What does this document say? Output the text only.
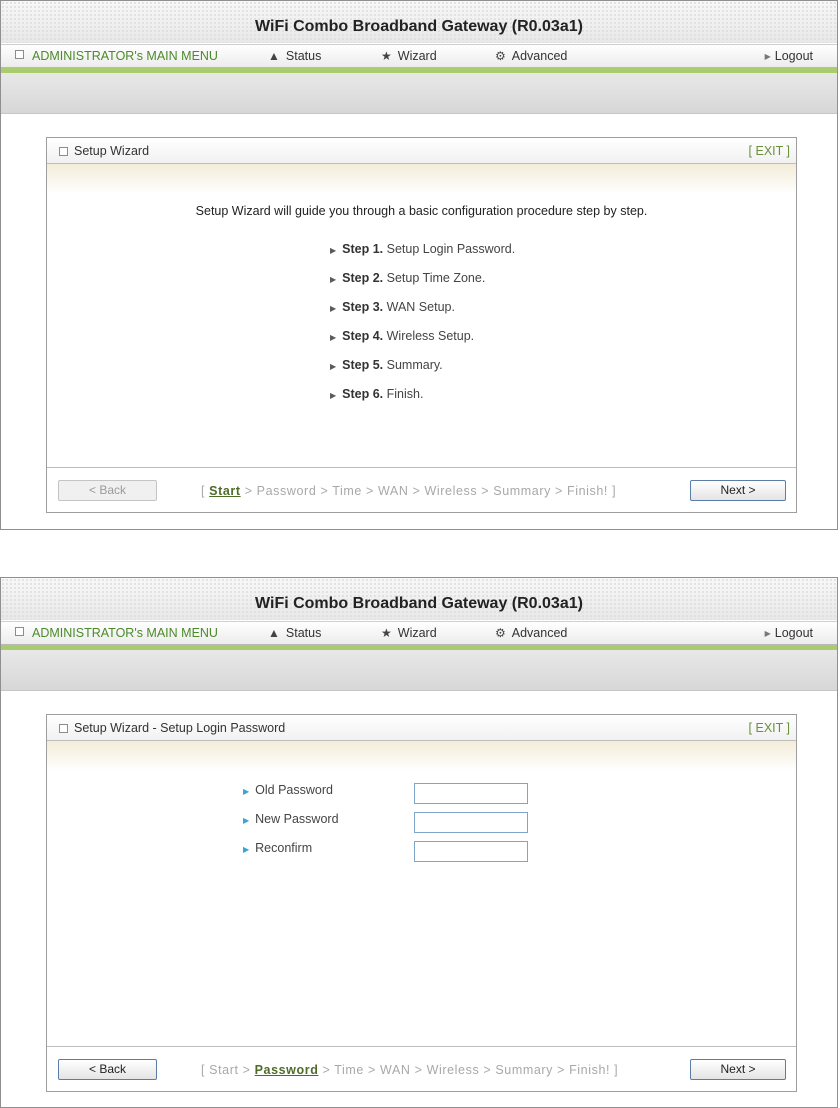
WiFi Combo Broadband Gateway (R0.03a1)
ADMINISTRATOR's MAIN MENU	▲ Status	★ Wizard	⚙ Advanced	▶ Logout
Setup Wizard	[ EXIT ]
Setup Wizard will guide you through a basic configuration procedure step by step.
▶ Step 1. Setup Login Password.
▶ Step 2. Setup Time Zone.
▶ Step 3. WAN Setup.
▶ Step 4. Wireless Setup.
▶ Step 5. Summary.
▶ Step 6. Finish.
< Back	[ Start > Password > Time > WAN > Wireless > Summary > Finish! ]	Next >
WiFi Combo Broadband Gateway (R0.03a1)
ADMINISTRATOR's MAIN MENU	▲ Status	★ Wizard	⚙ Advanced	▶ Logout
Setup Wizard - Setup Login Password	[ EXIT ]
▶ Old Password
▶ New Password
▶ Reconfirm
< Back	[ Start > Password > Time > WAN > Wireless > Summary > Finish! ]	Next >
